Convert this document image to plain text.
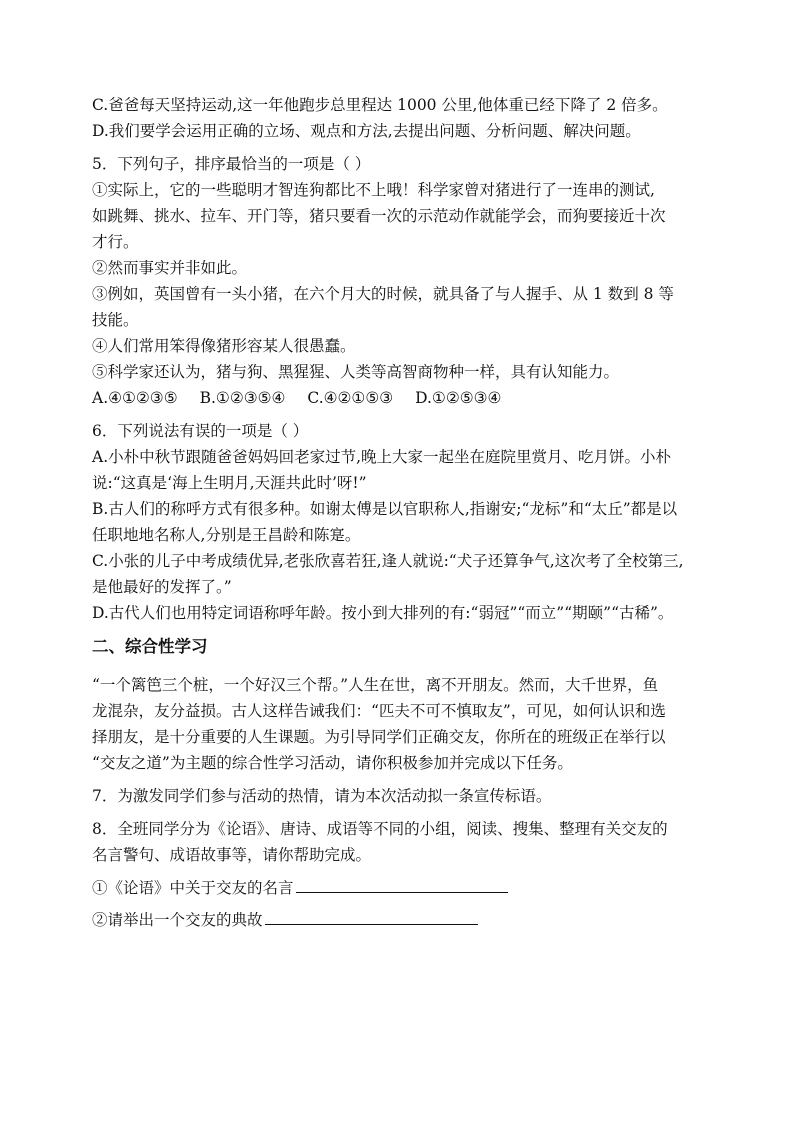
C.爸爸每天坚持运动,这一年他跑步总里程达 1000 公里,他体重已经下降了 2 倍多。

D.我们要学会运用正确的立场、观点和方法,去提出问题、分析问题、解决问题。

5．下列句子，排序最恰当的一项是（ ）

①实际上，它的一些聪明才智连狗都比不上哦！科学家曾对猪进行了一连串的测试,

如跳舞、挑水、拉车、开门等，猪只要看一次的示范动作就能学会，而狗要接近十次

才行。

②然而事实并非如此。

③例如，英国曾有一头小猪，在六个月大的时候，就具备了与人握手、从 1 数到 8 等

技能。

④人们常用笨得像猪形容某人很愚蠢。

⑤科学家还认为，猪与狗、黑猩猩、人类等高智商物种一样，具有认知能力。

A.④①②③⑤ B.①②③⑤④ C.④②①⑤③ D.①②⑤③④

6．下列说法有误的一项是（ ）

A.小朴中秋节跟随爸爸妈妈回老家过节,晚上大家一起坐在庭院里赏月、吃月饼。小朴

说:“这真是‘海上生明月,天涯共此时’呀!”

B.古人们的称呼方式有很多种。如谢太傅是以官职称人,指谢安;“龙标”和“太丘”都是以

任职地地名称人,分别是王昌龄和陈寔。

C.小张的儿子中考成绩优异,老张欣喜若狂,逢人就说:“犬子还算争气,这次考了全校第三,

是他最好的发挥了。”

D.古代人们也用特定词语称呼年龄。按小到大排列的有:“弱冠”“而立”“期颐”“古稀”。

二、综合性学习

“一个篱笆三个桩，一个好汉三个帮。”人生在世，离不开朋友。然而，大千世界，鱼

龙混杂，友分益损。古人这样告诫我们：“匹夫不可不慎取友”，可见，如何认识和选

择朋友，是十分重要的人生课题。为引导同学们正确交友，你所在的班级正在举行以

“交友之道”为主题的综合性学习活动，请你积极参加并完成以下任务。

7．为激发同学们参与活动的热情，请为本次活动拟一条宣传标语。

8．全班同学分为《论语》、唐诗、成语等不同的小组，阅读、搜集、整理有关交友的

名言警句、成语故事等，请你帮助完成。

①《论语》中关于交友的名言

②请举出一个交友的典故
